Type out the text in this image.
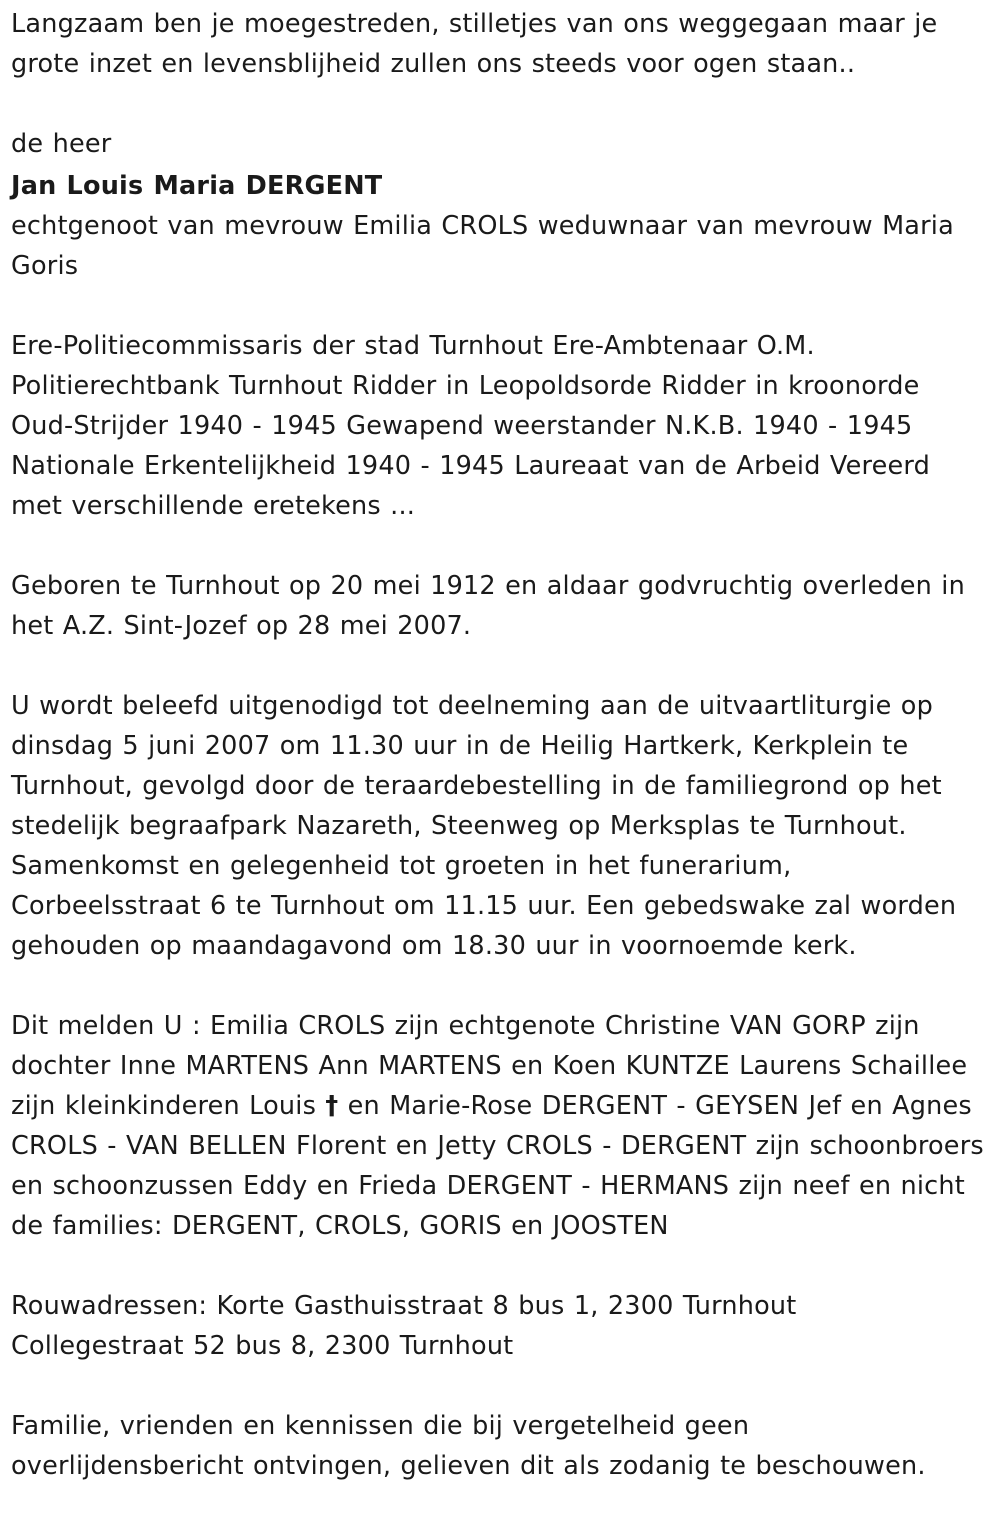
Langzaam ben je moegestreden, stilletjes van ons weggegaan maar je grote inzet en levensblijheid zullen ons steeds voor ogen staan..

de heer

Jan Louis Maria DERGENT

echtgenoot van mevrouw Emilia CROLS weduwnaar van mevrouw Maria Goris

Ere-Politiecommissaris der stad Turnhout Ere-Ambtenaar O.M. Politierechtbank Turnhout Ridder in Leopoldsorde Ridder in kroonorde Oud-Strijder 1940 - 1945 Gewapend weerstander N.K.B. 1940 - 1945 Nationale Erkentelijkheid 1940 - 1945 Laureaat van de Arbeid Vereerd met verschillende eretekens ...

Geboren te Turnhout op 20 mei 1912 en aldaar godvruchtig overleden in het A.Z. Sint-Jozef op 28 mei 2007.

U wordt beleefd uitgenodigd tot deelneming aan de uitvaartliturgie op dinsdag 5 juni 2007 om 11.30 uur in de Heilig Hartkerk, Kerkplein te Turnhout, gevolgd door de teraardebestelling in de familiegrond op het stedelijk begraafpark Nazareth, Steenweg op Merksplas te Turnhout. Samenkomst en gelegenheid tot groeten in het funerarium, Corbeelsstraat 6 te Turnhout om 11.15 uur. Een gebedswake zal worden gehouden op maandagavond om 18.30 uur in voornoemde kerk.

Dit melden U : Emilia CROLS zijn echtgenote Christine VAN GORP zijn dochter Inne MARTENS Ann MARTENS en Koen KUNTZE Laurens Schaillee zijn kleinkinderen Louis † en Marie-Rose DERGENT - GEYSEN Jef en Agnes CROLS - VAN BELLEN Florent en Jetty CROLS - DERGENT zijn schoonbroers en schoonzussen Eddy en Frieda DERGENT - HERMANS zijn neef en nicht de families: DERGENT, CROLS, GORIS en JOOSTEN

Rouwadressen: Korte Gasthuisstraat 8 bus 1, 2300 Turnhout

Collegestraat 52 bus 8, 2300 Turnhout

Familie, vrienden en kennissen die bij vergetelheid geen overlijdensbericht ontvingen, gelieven dit als zodanig te beschouwen.
